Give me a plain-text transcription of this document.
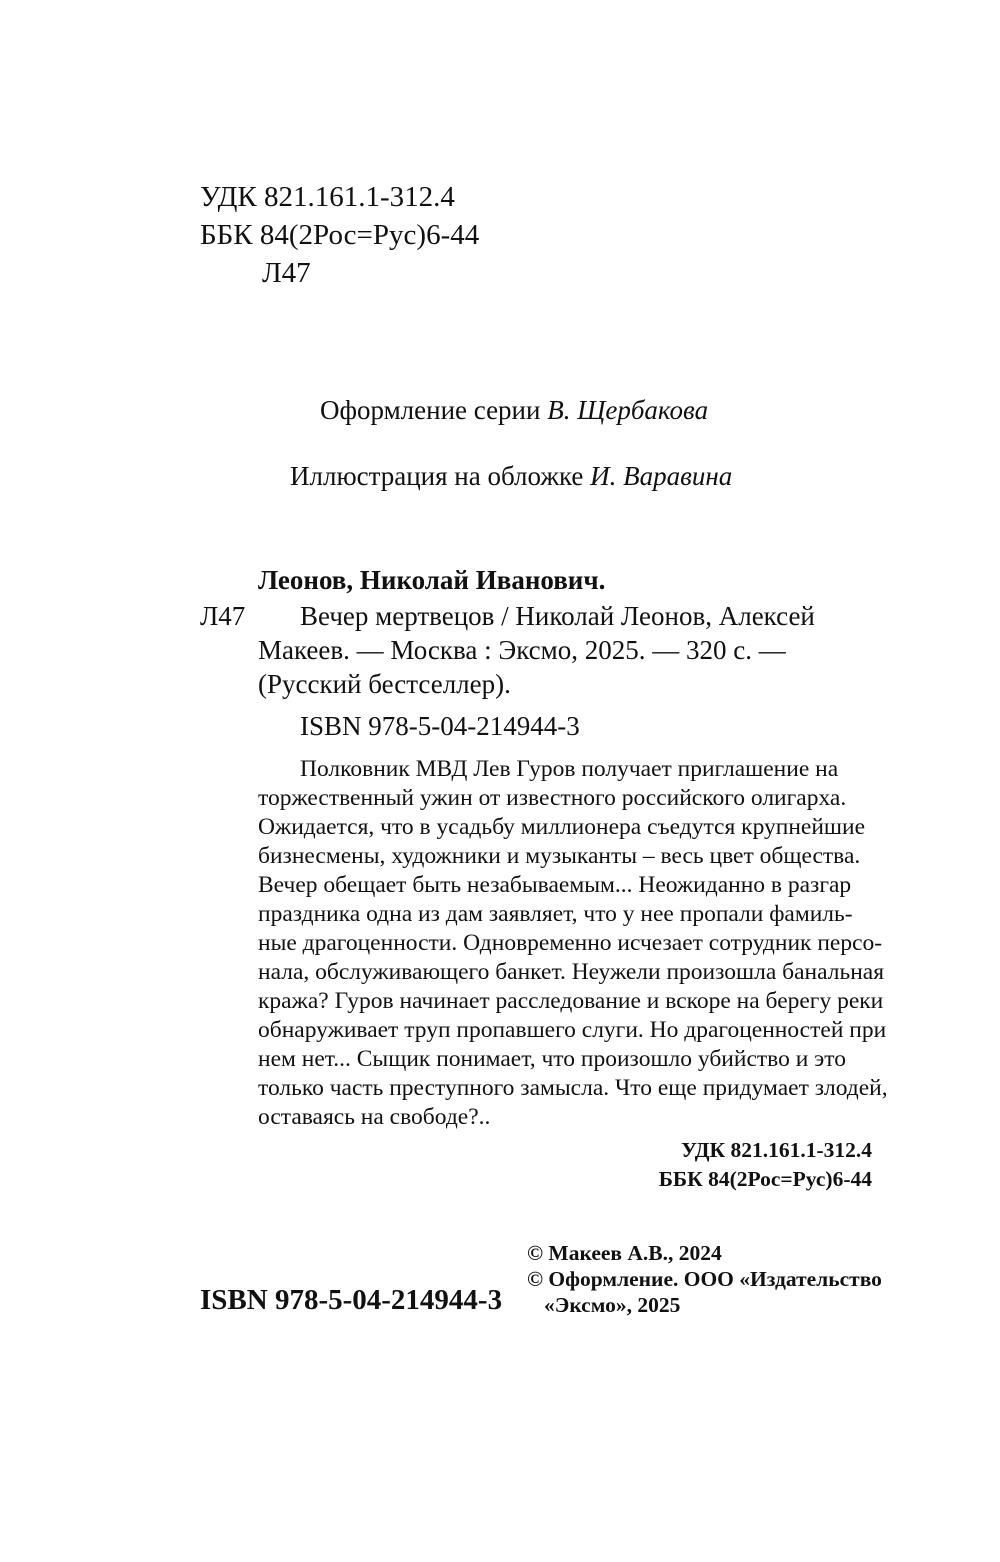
УДК 821.161.1-312.4
ББК 84(2Рос=Рус)6-44
Л47
Оформление серии В. Щербакова
Иллюстрация на обложке И. Варавина
Леонов, Николай Иванович.
Л47 Вечер мертвецов / Николай Леонов, Алексей
Макеев. — Москва : Эксмо, 2025. — 320 с. —
(Русский бестселлер).
ISBN 978-5-04-214944-3
Полковник МВД Лев Гуров получает приглашение на
торжественный ужин от известного российского олигарха.
Ожидается, что в усадьбу миллионера съедутся крупнейшие
бизнесмены, художники и музыканты – весь цвет общества.
Вечер обещает быть незабываемым... Неожиданно в разгар
праздника одна из дам заявляет, что у нее пропали фамиль-
ные драгоценности. Одновременно исчезает сотрудник персо-
нала, обслуживающего банкет. Неужели произошла банальная
кража? Гуров начинает расследование и вскоре на берегу реки
обнаруживает труп пропавшего слуги. Но драгоценностей при
нем нет... Сыщик понимает, что произошло убийство и это
только часть преступного замысла. Что еще придумает злодей,
оставаясь на свободе?..
УДК 821.161.1-312.4
ББК 84(2Рос=Рус)6-44
© Макеев А.В., 2024
© Оформление. ООО «Издательство
«Эксмо», 2025
ISBN 978-5-04-214944-3
